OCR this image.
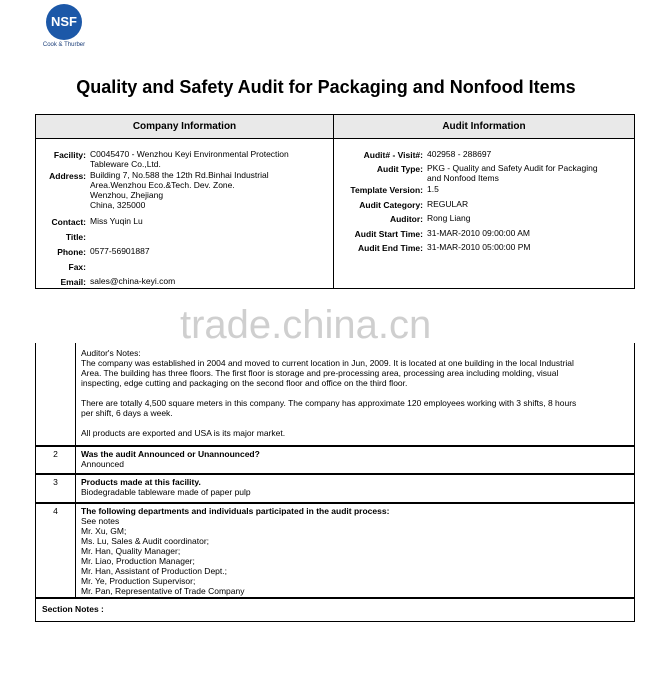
NSF
Cook & Thurber
Quality and Safety Audit for Packaging and Nonfood Items
Company Information	Audit Information
Facility: C0045470 - Wenzhou Keyi Environmental Protection
Tableware Co.,Ltd.
Address: Building 7, No.588 the 12th Rd.Binhai Industrial
Area.Wenzhou Eco.&Tech. Dev. Zone.
Wenzhou, Zhejiang
China, 325000
Contact: Miss Yuqin Lu
Title:
Phone: 0577-56901887
Fax:
Email: sales@china-keyi.com
Audit# - Visit#: 402958 - 288697
Audit Type: PKG - Quality and Safety Audit for Packaging
and Nonfood Items
Template Version: 1.5
Audit Category: REGULAR
Auditor: Rong Liang
Audit Start Time: 31-MAR-2010 09:00:00 AM
Audit End Time: 31-MAR-2010 05:00:00 PM
trade.china.cn

Auditor's Notes:

The company was established in 2004 and moved to current location in Jun, 2009. It is located at one building in the local Industrial

Area. The building has three floors. The first floor is storage and pre-processing area, processing area including molding, visual

inspecting, edge cutting and packaging on the second floor and office on the third floor.

There are totally 4,500 square meters in this company. The company has approximate 120 employees working with 3 shifts, 8 hours

per shift, 6 days a week.

All products are exported and USA is its major market.

2	Was the audit Announced or Unannounced?

Announced

3	Products made at this facility.

Biodegradable tableware made of paper pulp

4	The following departments and individuals participated in the audit process:

See notes

Mr. Xu, GM;

Ms. Lu, Sales & Audit coordinator;

Mr. Han, Quality Manager;

Mr. Liao, Production Manager;

Mr. Han, Assistant of Production Dept.;

Mr. Ye, Production Supervisor;

Mr. Pan, Representative of Trade Company

Section Notes :
